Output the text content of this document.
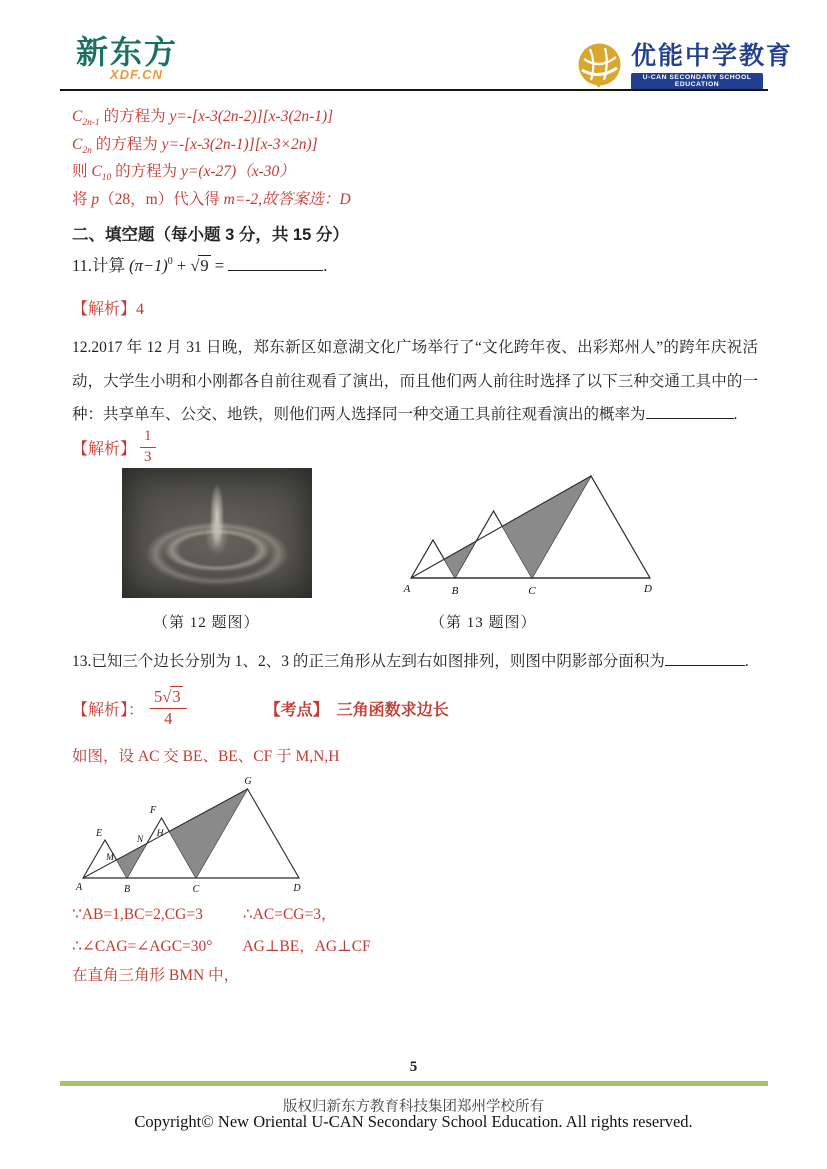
新东方
XDF.CN
优能中学教育
U-CAN SECONDARY SCHOOL EDUCATION
$C_{2n-1}$ 的方程为 y=-[x-3(2n-2)][x-3(2n-1)]
$C_{2n}$ 的方程为 y=-[x-3(2n-1)][x-3×2n)]
则 $C_{10}$ 的方程为 y=(x-27)（x-30）
将 p（28，m）代入得 m=-2,故答案选：D
二、填空题（每小题 3 分，共 15 分）
11.计算 $(\pi-1)^0$ + √ 9 =	.
【解析】4
12.2017 年 12 月 31 日晚，郑东新区如意湖文化广场举行了“文化跨年夜、出彩郑州人”的跨年庆祝活动，大学生小明和小刚都各自前往观看了演出，而且他们两人前往时选择了以下三种交通工具中的一种：共享单车、公交、地铁，则他们两人选择同一种交通工具前往观看演出的概率为	.
【解析】 $\frac{1}{3}$
（第 12 题图）
A	B	C	D
（第 13 题图）
13.已知三个边长分别为 1、2、3 的正三角形从左到右如图排列，则图中阴影部分面积为	.
【解析】： $\frac{5√ 3}{4}$	【考点】 三角函数求边长
如图，设 AC 交 BE、BE、CF 于 M,N,H
A	B	C	D
E
F
G
M
N
H
∵AB=1,BC=2,CG=3	∴AC=CG=3，
∴∠CAG=∠AGC=30° AG⊥BE，AG⊥CF
在直角三角形 BMN 中，
5
版权归新东方教育科技集团郑州学校所有
Copyright© New Oriental U-CAN Secondary School Education. All rights reserved.
